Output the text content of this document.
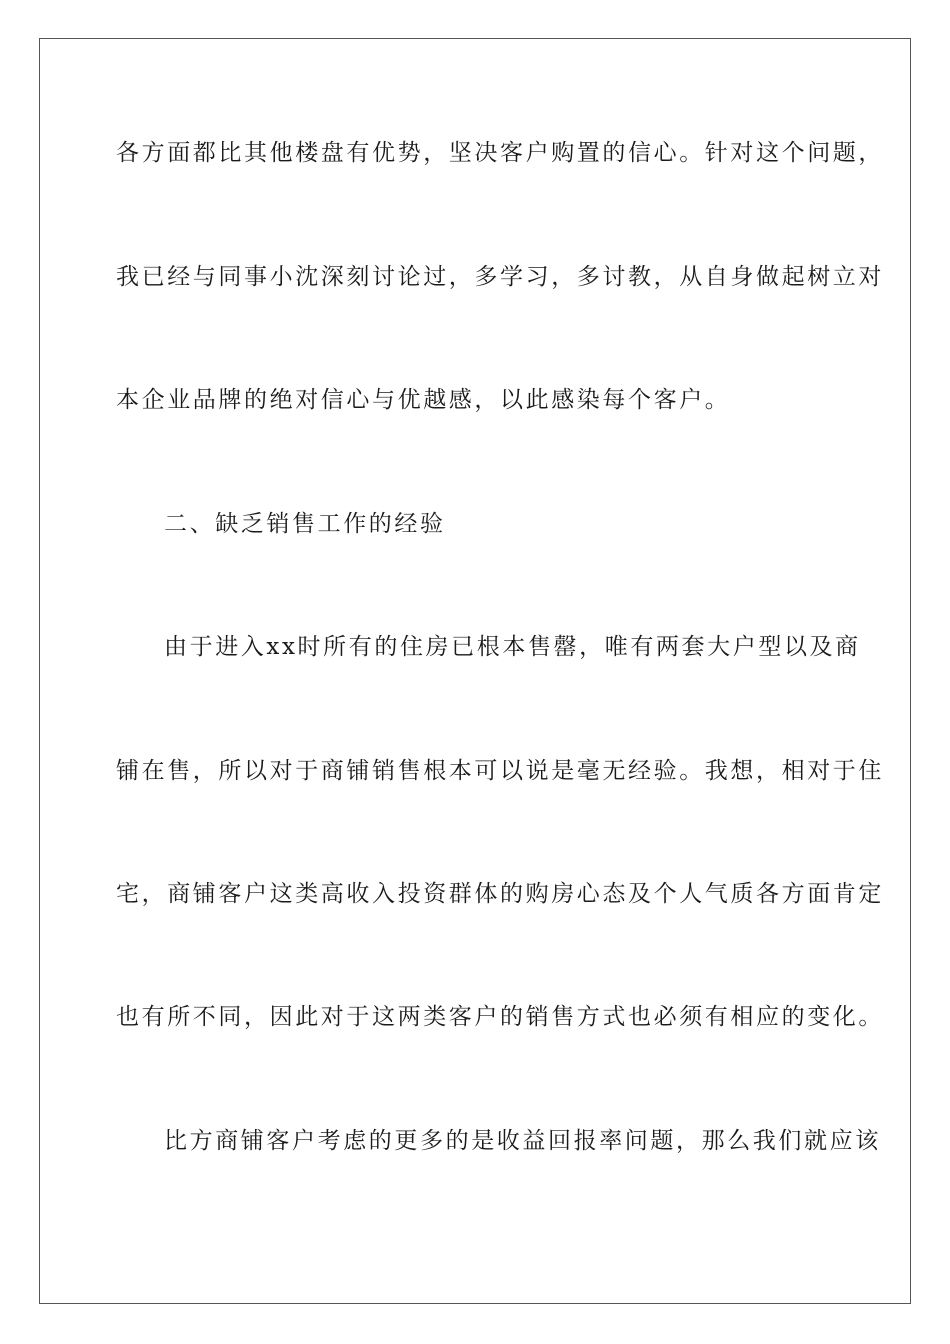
各方面都比其他楼盘有优势，坚决客户购置的信心。针对这个问题，
我已经与同事小沈深刻讨论过，多学习，多讨教，从自身做起树立对
本企业品牌的绝对信心与优越感，以此感染每个客户。
二、缺乏销售工作的经验
由于进入xx时所有的住房已根本售罄，唯有两套大户型以及商
铺在售，所以对于商铺销售根本可以说是毫无经验。我想，相对于住
宅，商铺客户这类高收入投资群体的购房心态及个人气质各方面肯定
也有所不同，因此对于这两类客户的销售方式也必须有相应的变化。
比方商铺客户考虑的更多的是收益回报率问题，那么我们就应该
